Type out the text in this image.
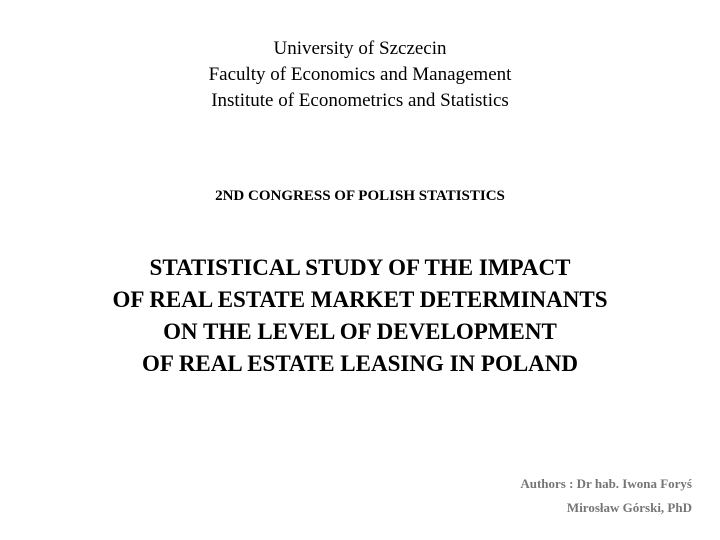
University of Szczecin
Faculty of Economics and Management
Institute of Econometrics and Statistics
2ND CONGRESS OF POLISH STATISTICS
STATISTICAL STUDY OF THE IMPACT
OF REAL ESTATE MARKET DETERMINANTS
ON THE LEVEL OF DEVELOPMENT
OF REAL ESTATE LEASING IN POLAND
Authors : Dr hab. Iwona Foryś
Mirosław Górski, PhD
